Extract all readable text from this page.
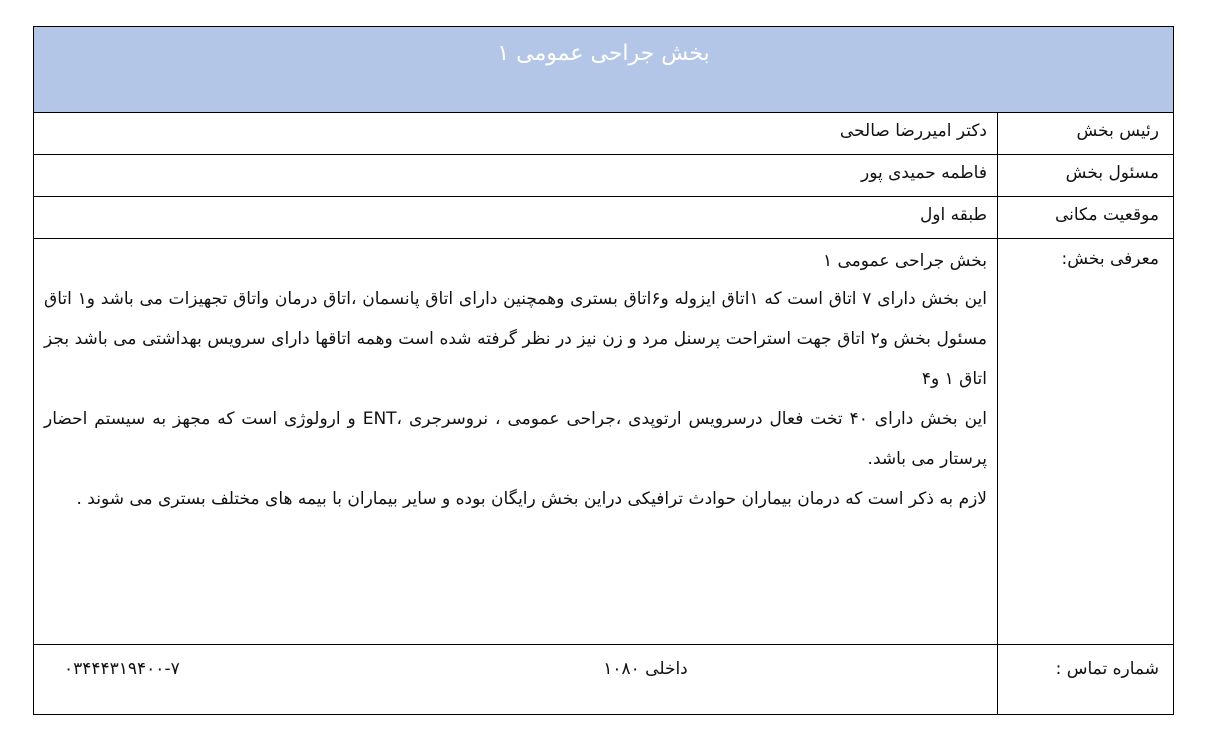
بخش جراحی عمومی ۱
رئیس بخش
دکتر امیررضا صالحی
مسئول بخش
فاطمه حمیدی پور
موقعیت مکانی
طبقه اول
معرفی بخش:

بخش جراحی عمومی ۱

این بخش دارای ۷ اتاق است که ۱اتاق ایزوله و۶اتاق بستری وهمچنین دارای اتاق پانسمان ،اتاق درمان واتاق تجهیزات می باشد و۱ اتاق مسئول بخش و۲ اتاق جهت استراحت پرسنل مرد و زن نیز در نظر گرفته شده است وهمه اتاقها دارای سرویس بهداشتی می باشد بجز اتاق ۱ و۴

این بخش دارای ۴۰ تخت فعال درسرویس ارتوپدی ،جراحی عمومی ، نروسرجری ،ENT و ارولوژی است که مجهز به سیستم احضار پرستار می باشد.

لازم به ذکر است که درمان بیماران حوادث ترافیکی دراین بخش رایگان بوده و سایر بیماران با بیمه های مختلف بستری می شوند .

شماره تماس :
داخلی ۱۰۸۰
۰۳۴۴۴۳۱۹۴۰۰-۷
